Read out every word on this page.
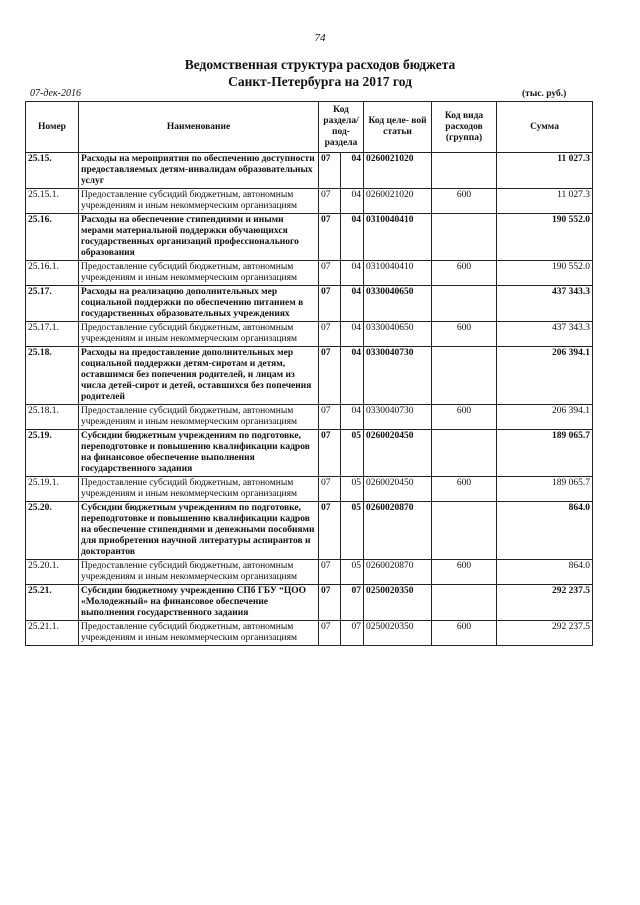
74
Ведомственная структура расходов бюджета
Санкт-Петербурга на 2017 год
07-дек-2016	(тыс. руб.)
Номер	Наименование	Код раздела/ под- раздела		Код целе- вой статьи	Код вида расходов (группа)	Сумма
25.15.	Расходы на мероприятия по обеспечению доступности предоставляемых детям-инвалидам образовательных услуг	07	04	0260021020		11 027.3
25.15.1.	Предоставление субсидий бюджетным, автономным учреждениям и иным некоммерческим организациям	07	04	0260021020	600	11 027.3
25.16.	Расходы на обеспечение стипендиями и иными мерами материальной поддержки обучающихся государственных организаций профессионального образования	07	04	0310040410		190 552.0
25.16.1.	Предоставление субсидий бюджетным, автономным учреждениям и иным некоммерческим организациям	07	04	0310040410	600	190 552.0
25.17.	Расходы на реализацию дополнительных мер социальной поддержки по обеспечению питанием в государственных образовательных учреждениях	07	04	0330040650		437 343.3
25.17.1.	Предоставление субсидий бюджетным, автономным учреждениям и иным некоммерческим организациям	07	04	0330040650	600	437 343.3
25.18.	Расходы на предоставление дополнительных мер социальной поддержки детям-сиротам и детям, оставшимся без попечения родителей, и лицам из числа детей-сирот и детей, оставшихся без попечения родителей	07	04	0330040730		206 394.1
25.18.1.	Предоставление субсидий бюджетным, автономным учреждениям и иным некоммерческим организациям	07	04	0330040730	600	206 394.1
25.19.	Субсидии бюджетным учреждениям по подготовке, переподготовке и повышению квалификации кадров на финансовое обеспечение выполнения государственного задания	07	05	0260020450		189 065.7
25.19.1.	Предоставление субсидий бюджетным, автономным учреждениям и иным некоммерческим организациям	07	05	0260020450	600	189 065.7
25.20.	Субсидии бюджетным учреждениям по подготовке, переподготовке и повышению квалификации кадров на обеспечение стипендиями и денежными пособиями для приобретения научной литературы аспирантов и докторантов	07	05	0260020870		864.0
25.20.1.	Предоставление субсидий бюджетным, автономным учреждениям и иным некоммерческим организациям	07	05	0260020870	600	864.0
25.21.	Субсидии бюджетному учреждению СПб ГБУ “ЦОО «Молодежный» на финансовое обеспечение выполнения государственного задания	07	07	0250020350		292 237.5
25.21.1.	Предоставление субсидий бюджетным, автономным учреждениям и иным некоммерческим организациям	07	07	0250020350	600	292 237.5
